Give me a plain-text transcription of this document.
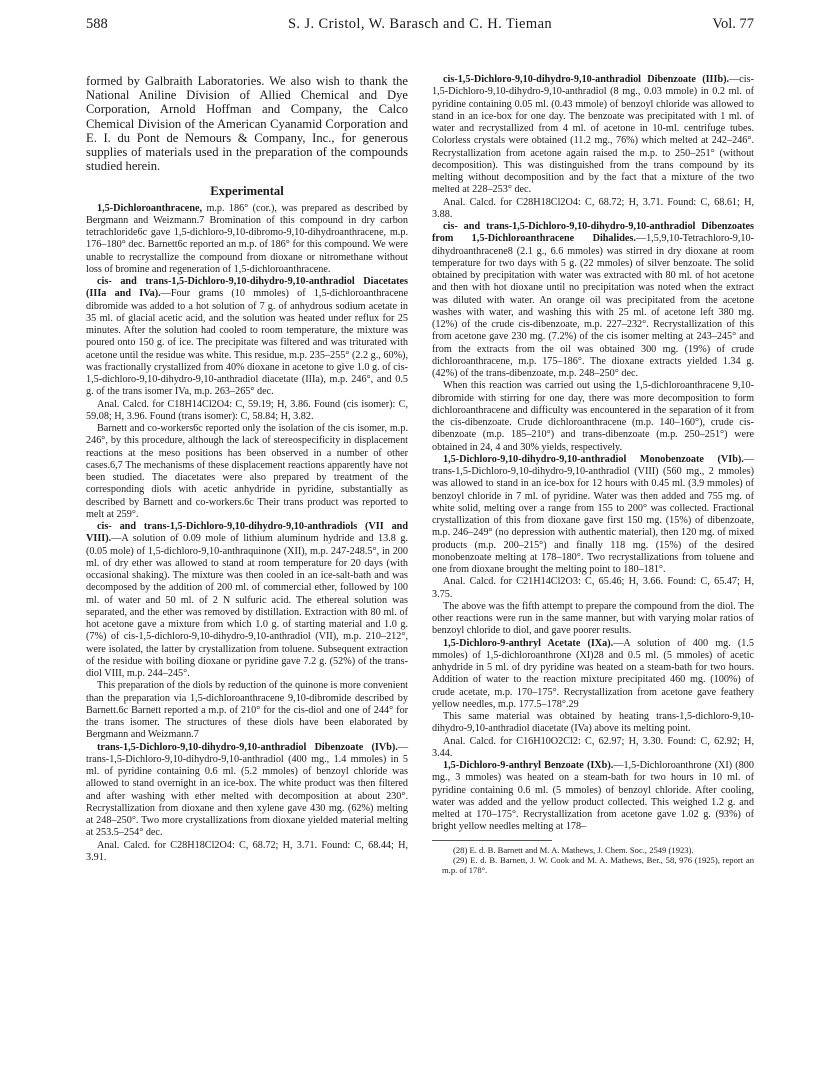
588	S. J. Cristol, W. Barasch and C. H. Tieman	Vol. 77

formed by Galbraith Laboratories. We also wish to thank the National Aniline Division of Allied Chemical and Dye Corporation, Arnold Hoffman and Company, the Calco Chemical Division of the American Cyanamid Corporation and E. I. du Pont de Nemours & Company, Inc., for generous supplies of materials used in the preparation of the compounds studied herein.

Experimental

1,5-Dichloroanthracene, m.p. 186° (cor.), was prepared as described by Bergmann and Weizmann.7 Bromination of this compound in dry carbon tetrachloride6c gave 1,5-dichloro-9,10-dibromo-9,10-dihydroanthracene, m.p. 176–180° dec. Barnett6c reported an m.p. of 186° for this compound. We were unable to recrystallize the compound from dioxane or nitromethane without loss of bromine and regeneration of 1,5-dichloroanthracene.

cis- and trans-1,5-Dichloro-9,10-dihydro-9,10-anthradiol Diacetates (IIIa and IVa).—Four grams (10 mmoles) of 1,5-dichloroanthracene dibromide was added to a hot solution of 7 g. of anhydrous sodium acetate in 35 ml. of glacial acetic acid, and the solution was heated under reflux for 25 minutes. After the solution had cooled to room temperature, the mixture was poured onto 150 g. of ice. The precipitate was filtered and was triturated with acetone until the residue was white. This residue, m.p. 235–255° (2.2 g., 60%), was fractionally crystallized from 40% dioxane in acetone to give 1.0 g. of cis-1,5-dichloro-9,10-dihydro-9,10-anthradiol diacetate (IIIa), m.p. 246°, and 0.5 g. of the trans isomer IVa, m.p. 263–265° dec.

Anal. Calcd. for C18H14Cl2O4: C, 59.19; H, 3.86. Found (cis isomer): C, 59.08; H, 3.96. Found (trans isomer): C, 58.84; H, 3.82.

Barnett and co-workers6c reported only the isolation of the cis isomer, m.p. 246°, by this procedure, although the lack of stereospecificity in displacement reactions at the meso positions has been observed in a number of other cases.6,7 The mechanisms of these displacement reactions apparently have not been studied. The diacetates were also prepared by treatment of the corresponding diols with acetic anhydride in pyridine, substantially as described by Barnett and co-workers.6c Their trans product was reported to melt at 259°.

cis- and trans-1,5-Dichloro-9,10-dihydro-9,10-anthradiols (VII and VIII).—A solution of 0.09 mole of lithium aluminum hydride and 13.8 g. (0.05 mole) of 1,5-dichloro-9,10-anthraquinone (XII), m.p. 247-248.5°, in 200 ml. of dry ether was allowed to stand at room temperature for 20 days (with occasional shaking). The mixture was then cooled in an ice-salt-bath and was decomposed by the addition of 200 ml. of commercial ether, followed by 100 ml. of water and 50 ml. of 2 N sulfuric acid. The ethereal solution was separated, and the ether was removed by distillation. Extraction with 80 ml. of hot acetone gave a mixture from which 1.0 g. of starting material and 1.0 g. (7%) of cis-1,5-dichloro-9,10-dihydro-9,10-anthradiol (VII), m.p. 210–212°, were isolated, the latter by crystallization from toluene. Subsequent extraction of the residue with boiling dioxane or pyridine gave 7.2 g. (52%) of the trans-diol VIII, m.p. 244–245°.

This preparation of the diols by reduction of the quinone is more convenient than the preparation via 1,5-dichloroanthracene 9,10-dibromide described by Barnett.6c Barnett reported a m.p. of 210° for the cis-diol and one of 244° for the trans isomer. The structures of these diols have been elaborated by Bergmann and Weizmann.7

trans-1,5-Dichloro-9,10-dihydro-9,10-anthradiol Dibenzoate (IVb).—trans-1,5-Dichloro-9,10-dihydro-9,10-anthradiol (400 mg., 1.4 mmoles) in 5 ml. of pyridine containing 0.6 ml. (5.2 mmoles) of benzoyl chloride was allowed to stand overnight in an ice-box. The white product was then filtered and after washing with ether melted with decomposition at about 230°. Recrystallization from dioxane and then xylene gave 430 mg. (62%) melting at 248–250°. Two more crystallizations from dioxane yielded material melting at 253.5–254° dec.

Anal. Calcd. for C28H18Cl2O4: C, 68.72; H, 3.71. Found: C, 68.44; H, 3.91.

cis-1,5-Dichloro-9,10-dihydro-9,10-anthradiol Dibenzoate (IIIb).—cis-1,5-Dichloro-9,10-dihydro-9,10-anthradiol (8 mg., 0.03 mmole) in 0.2 ml. of pyridine containing 0.05 ml. (0.43 mmole) of benzoyl chloride was allowed to stand in an ice-box for one day. The benzoate was precipitated with 1 ml. of water and recrystallized from 4 ml. of acetone in 10-ml. centrifuge tubes. Colorless crystals were obtained (11.2 mg., 76%) which melted at 242–246°. Recrystallization from acetone again raised the m.p. to 250–251° (without decomposition). This was distinguished from the trans compound by its melting without decomposition and by the fact that a mixture of the two melted at 228–253° dec.

Anal. Calcd. for C28H18Cl2O4: C, 68.72; H, 3.71. Found: C, 68.61; H, 3.88.

cis- and trans-1,5-Dichloro-9,10-dihydro-9,10-anthradiol Dibenzoates from 1,5-Dichloroanthracene Dihalides.—1,5,9,10-Tetrachloro-9,10-dihydroanthracene8 (2.1 g., 6.6 mmoles) was stirred in dry dioxane at room temperature for two days with 5 g. (22 mmoles) of silver benzoate. The solid obtained by precipitation with water was extracted with 80 ml. of hot acetone and then with hot dioxane until no precipitation was noted when the extract was diluted with water. An orange oil was precipitated from the acetone washes with water, and washing this with 25 ml. of acetone left 380 mg. (12%) of the crude cis-dibenzoate, m.p. 227–232°. Recrystallization of this from acetone gave 230 mg. (7.2%) of the cis isomer melting at 243–245° and from the extracts from the oil was obtained 300 mg. (19%) of crude dichloroanthracene, m.p. 175–186°. The dioxane extracts yielded 1.34 g. (42%) of the trans-dibenzoate, m.p. 248–250° dec.

When this reaction was carried out using the 1,5-dichloroanthracene 9,10-dibromide with stirring for one day, there was more decomposition to form dichloroanthracene and difficulty was encountered in the separation of it from the cis-dibenzoate. Crude dichloroanthracene (m.p. 140–160°), crude cis-dibenzoate (m.p. 185–210°) and trans-dibenzoate (m.p. 250–251°) were obtained in 24, 4 and 30% yields, respectively.

1,5-Dichloro-9,10-dihydro-9,10-anthradiol Monobenzoate (VIb).—trans-1,5-Dichloro-9,10-dihydro-9,10-anthradiol (VIII) (560 mg., 2 mmoles) was allowed to stand in an ice-box for 12 hours with 0.45 ml. (3.9 mmoles) of benzoyl chloride in 7 ml. of pyridine. Water was then added and 755 mg. of white solid, melting over a range from 155 to 200° was collected. Fractional crystallization of this from dioxane gave first 150 mg. (15%) of dibenzoate, m.p. 246–249° (no depression with authentic material), then 120 mg. of mixed products (m.p. 200–215°) and finally 118 mg. (15%) of the desired monobenzoate melting at 178–180°. Two recrystallizations from toluene and one from dioxane brought the melting point to 180–181°.

Anal. Calcd. for C21H14Cl2O3: C, 65.46; H, 3.66. Found: C, 65.47; H, 3.75.

The above was the fifth attempt to prepare the compound from the diol. The other reactions were run in the same manner, but with varying molar ratios of benzoyl chloride to diol, and gave poorer results.

1,5-Dichloro-9-anthryl Acetate (IXa).—A solution of 400 mg. (1.5 mmoles) of 1,5-dichloroanthrone (XI)28 and 0.5 ml. (5 mmoles) of acetic anhydride in 5 ml. of dry pyridine was heated on a steam-bath for two hours. Addition of water to the reaction mixture precipitated 460 mg. (100%) of crude acetate, m.p. 170–175°. Recrystallization from acetone gave feathery yellow needles, m.p. 177.5–178°.29

This same material was obtained by heating trans-1,5-dichloro-9,10-dihydro-9,10-anthradiol diacetate (IVa) above its melting point.

Anal. Calcd. for C16H10O2Cl2: C, 62.97; H, 3.30. Found: C, 62.92; H, 3.44.

1,5-Dichloro-9-anthryl Benzoate (IXb).—1,5-Dichloroanthrone (XI) (800 mg., 3 mmoles) was heated on a steam-bath for two hours in 10 ml. of pyridine containing 0.6 ml. (5 mmoles) of benzoyl chloride. After cooling, water was added and the yellow product collected. This weighed 1.2 g. and melted at 170–175°. Recrystallization from acetone gave 1.02 g. (93%) of bright yellow needles melting at 178–

(28) E. d. B. Barnett and M. A. Mathews, J. Chem. Soc., 2549 (1923).

(29) E. d. B. Barnett, J. W. Cook and M. A. Mathews, Ber., 58, 976 (1925), report an m.p. of 178°.
